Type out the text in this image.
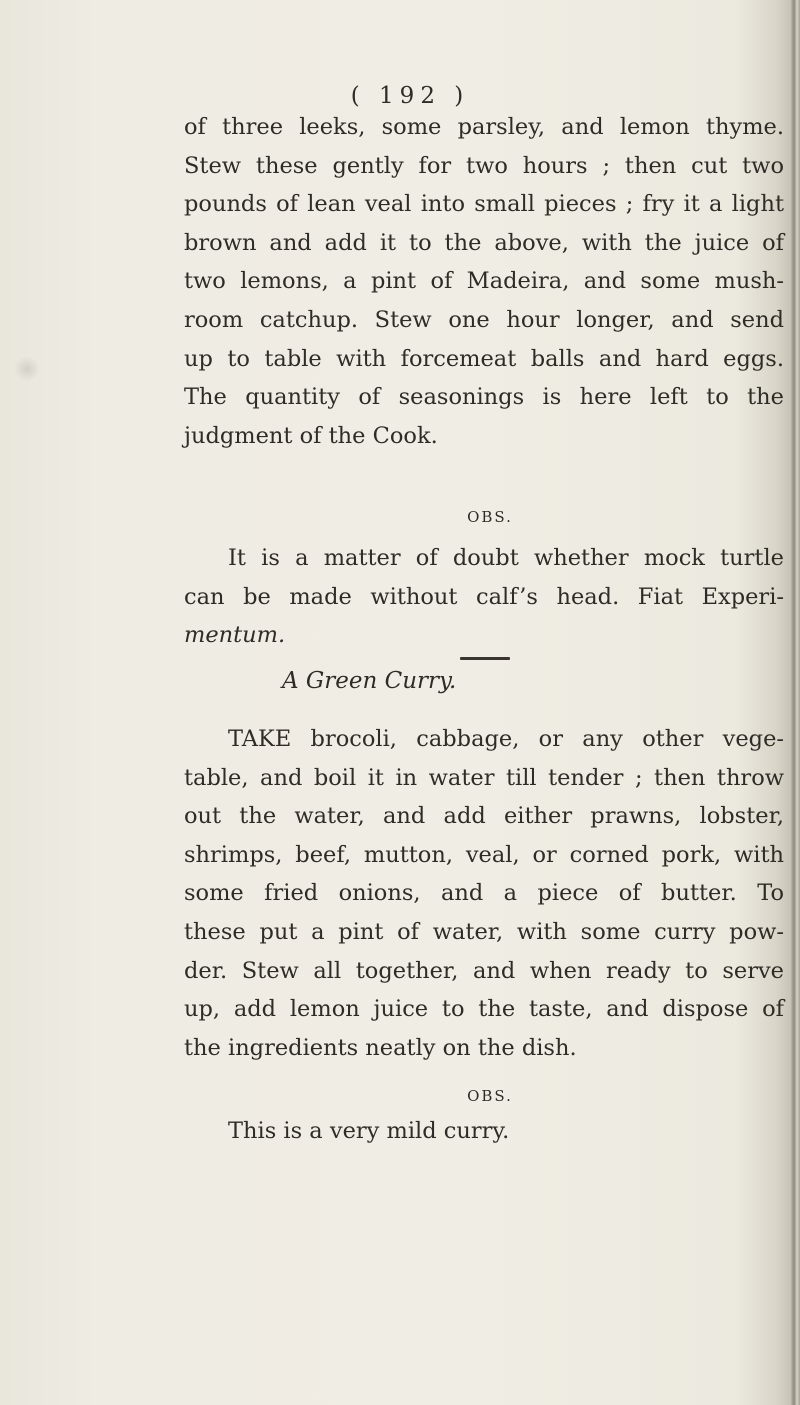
( 192 )
of three leeks, some parsley, and lemon thyme.
Stew these gently for two hours ; then cut two
pounds of lean veal into small pieces ; fry it a light
brown and add it to the above, with the juice of
two lemons, a pint of Madeira, and some mush-
room catchup. Stew one hour longer, and send
up to table with forcemeat balls and hard eggs.
The quantity of seasonings is here left to the
judgment of the Cook.
OBS.
It is a matter of doubt whether mock turtle
can be made without calf’s head. Fiat Experi-
mentum.
A Green Curry.
TAKE brocoli, cabbage, or any other vege-
table, and boil it in water till tender ; then throw
out the water, and add either prawns, lobster,
shrimps, beef, mutton, veal, or corned pork, with
some fried onions, and a piece of butter. To
these put a pint of water, with some curry pow-
der. Stew all together, and when ready to serve
up, add lemon juice to the taste, and dispose of
the ingredients neatly on the dish.
OBS.
This is a very mild curry.
